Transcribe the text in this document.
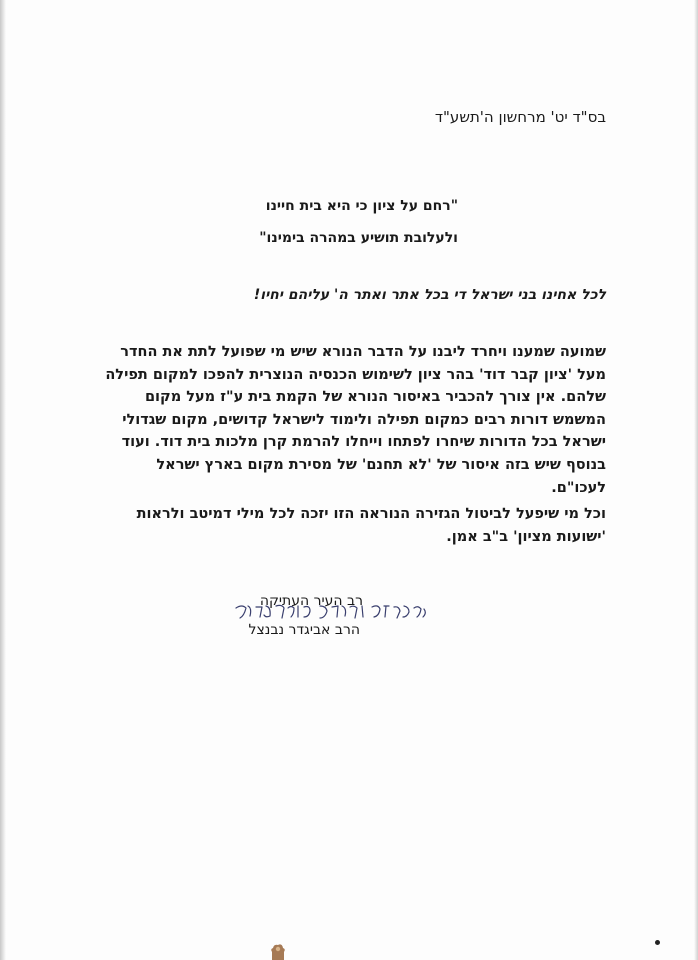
בס"ד יט' מרחשון ה'תשע"ד
"רחם על ציון כי היא בית חיינו
ולעלובת תושיע במהרה בימינו"
לכל אחינו בני ישראל די בכל אתר ואתר ה' עליהם יחיו!
שמועה שמענו ויחרד ליבנו על הדבר הנורא שיש מי שפועל לתת את החדר
מעל 'ציון קבר דוד' בהר ציון לשימוש הכנסיה הנוצרית להפכו למקום תפילה
שלהם. אין צורך להכביר באיסור הנורא של הקמת בית ע"ז מעל מקום
המשמש דורות רבים כמקום תפילה ולימוד לישראל קדושים, מקום שגדולי
ישראל בכל הדורות שיחרו לפתחו וייחלו להרמת קרן מלכות בית דוד. ועוד
בנוסף שיש בזה איסור של 'לא תחנם' של מסירת מקום בארץ ישראל
לעכו"ם.
וכל מי שיפעל לביטול הגזירה הנוראה הזו יזכה לכל מילי דמיטב ולראות
'ישועות מציון' ב"ב אמן.
רב העיר העתיקה
הרב אביגדר נבנצל
